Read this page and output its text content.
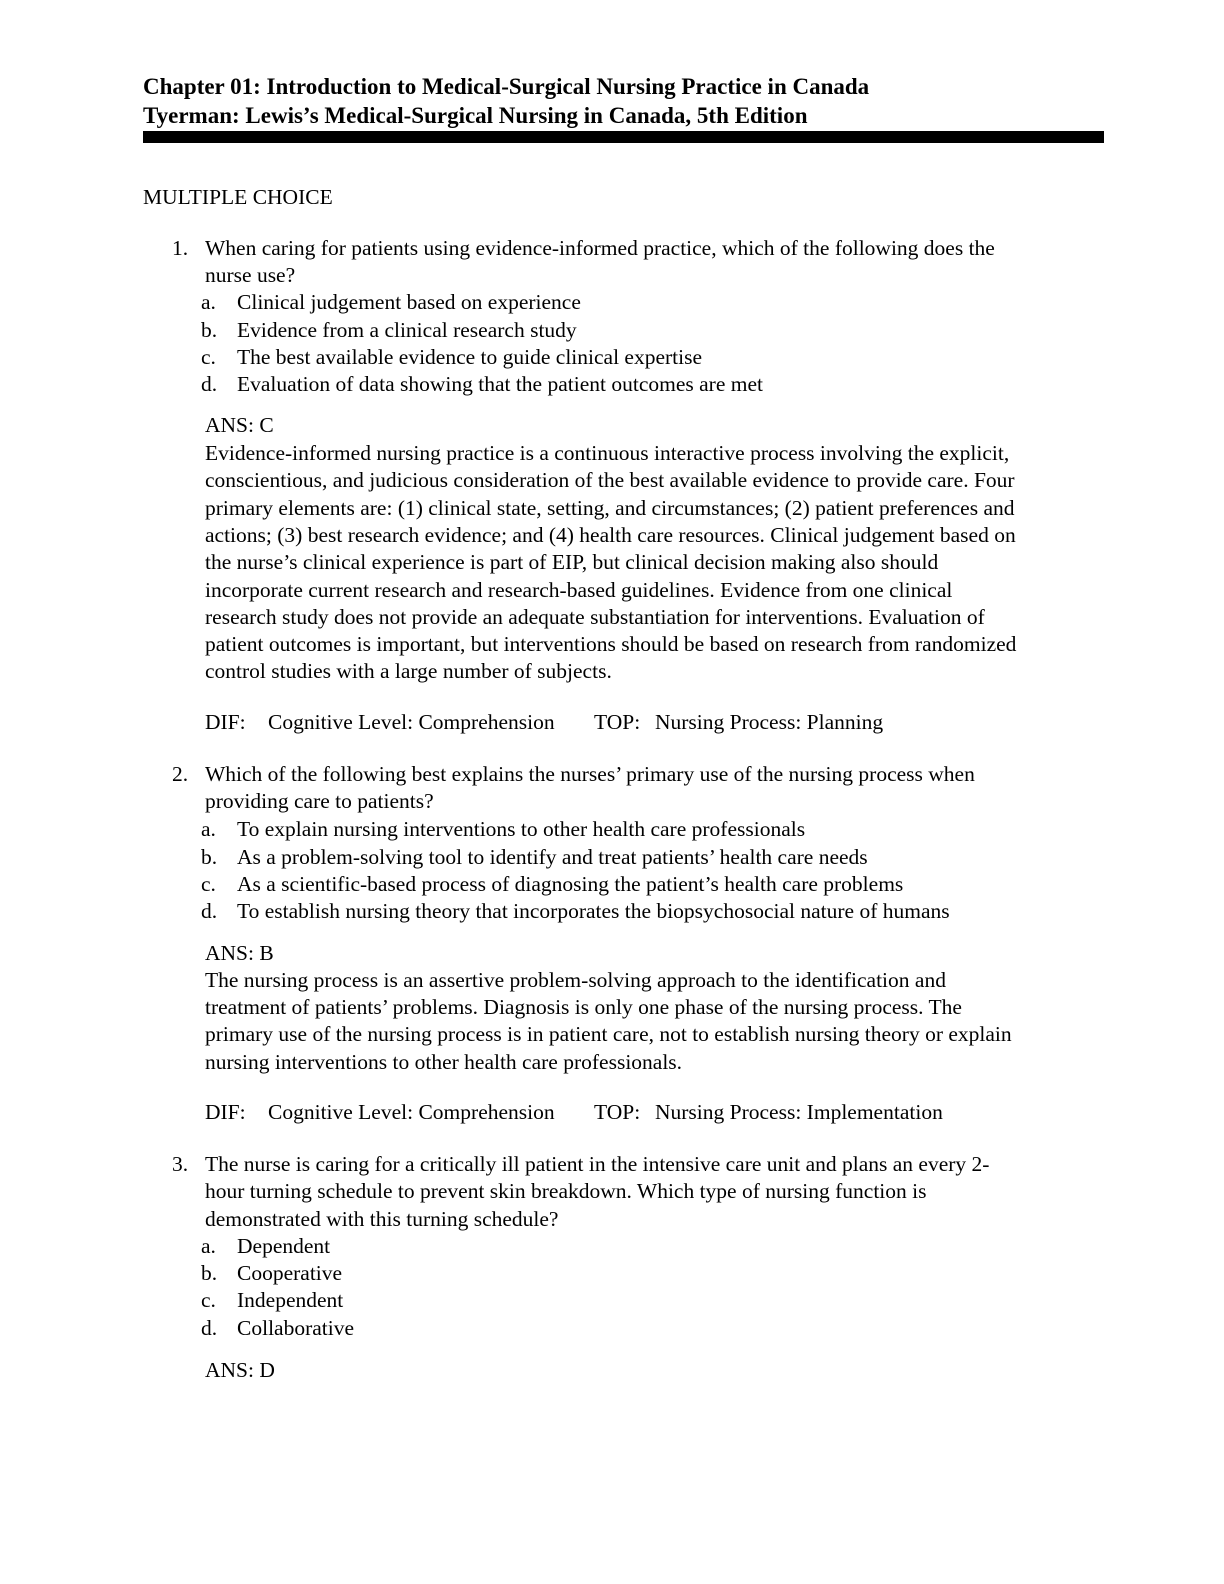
Chapter 01: Introduction to Medical-Surgical Nursing Practice in Canada
Tyerman: Lewis’s Medical-Surgical Nursing in Canada, 5th Edition
MULTIPLE CHOICE
1. When caring for patients using evidence-informed practice, which of the following does the
nurse use?
a. Clinical judgement based on experience
b. Evidence from a clinical research study
c. The best available evidence to guide clinical expertise
d. Evaluation of data showing that the patient outcomes are met
ANS: C
Evidence-informed nursing practice is a continuous interactive process involving the explicit,
conscientious, and judicious consideration of the best available evidence to provide care. Four
primary elements are: (1) clinical state, setting, and circumstances; (2) patient preferences and
actions; (3) best research evidence; and (4) health care resources. Clinical judgement based on
the nurse’s clinical experience is part of EIP, but clinical decision making also should
incorporate current research and research-based guidelines. Evidence from one clinical
research study does not provide an adequate substantiation for interventions. Evaluation of
patient outcomes is important, but interventions should be based on research from randomized
control studies with a large number of subjects.
DIF: Cognitive Level: Comprehension TOP: Nursing Process: Planning
2. Which of the following best explains the nurses’ primary use of the nursing process when
providing care to patients?
a. To explain nursing interventions to other health care professionals
b. As a problem-solving tool to identify and treat patients’ health care needs
c. As a scientific-based process of diagnosing the patient’s health care problems
d. To establish nursing theory that incorporates the biopsychosocial nature of humans
ANS: B
The nursing process is an assertive problem-solving approach to the identification and
treatment of patients’ problems. Diagnosis is only one phase of the nursing process. The
primary use of the nursing process is in patient care, not to establish nursing theory or explain
nursing interventions to other health care professionals.
DIF: Cognitive Level: Comprehension TOP: Nursing Process: Implementation
3. The nurse is caring for a critically ill patient in the intensive care unit and plans an every 2-
hour turning schedule to prevent skin breakdown. Which type of nursing function is
demonstrated with this turning schedule?
a. Dependent
b. Cooperative
c. Independent
d. Collaborative
ANS: D
